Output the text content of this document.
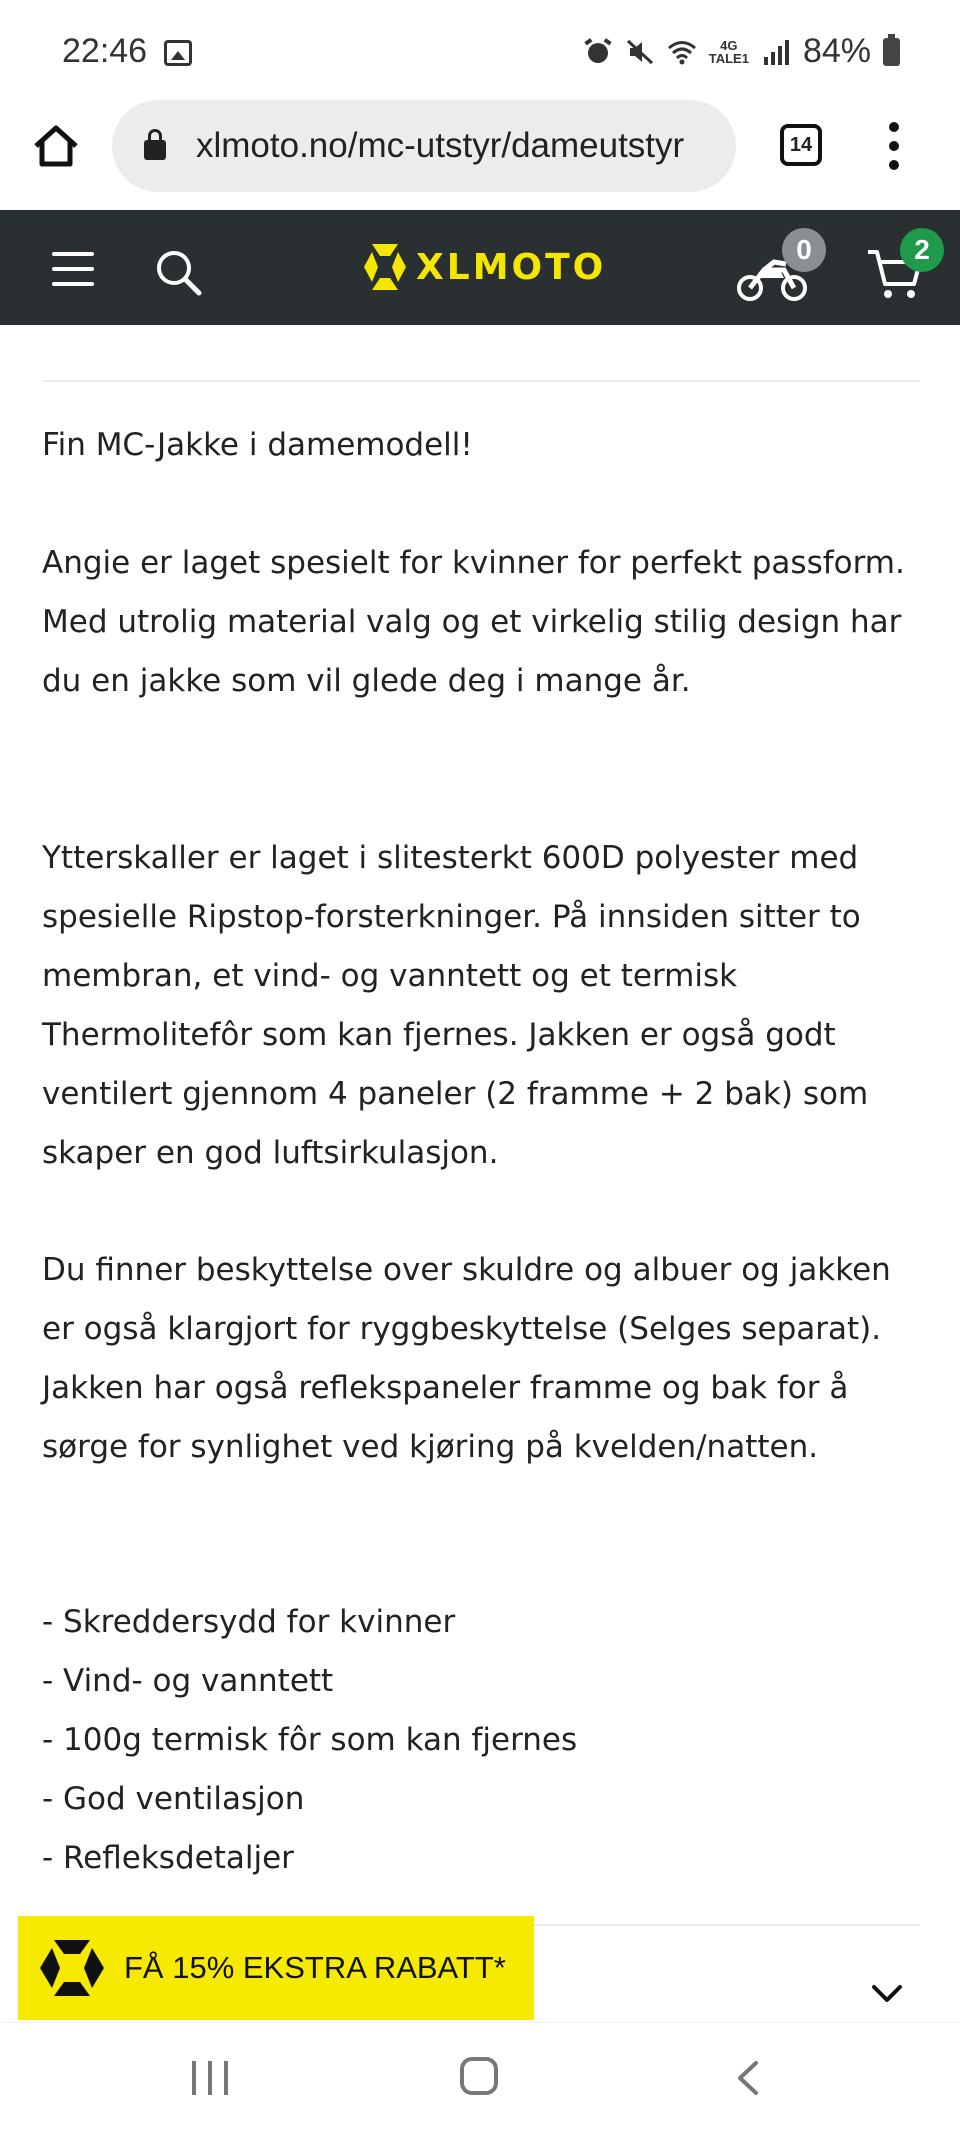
22:46	4G
TALE1 84%
xlmoto.no/mc-utstyr/dameutstyr	14
XLMOTO	0	2

Fin MC-Jakke i damemodell!

Angie er laget spesielt for kvinner for perfekt passform. Med utrolig material valg og et virkelig stilig design har du en jakke som vil glede deg i mange år.

Ytterskaller er laget i slitesterkt 600D polyester med spesielle Ripstop-forsterkninger. På innsiden sitter to membran, et vind- og vanntett og et termisk Thermolitefôr som kan fjernes. Jakken er også godt ventilert gjennom 4 paneler (2 framme + 2 bak) som skaper en god luftsirkulasjon.

Du finner beskyttelse over skuldre og albuer og jakken er også klargjort for ryggbeskyttelse (Selges separat). Jakken har også reflekspaneler framme og bak for å sørge for synlighet ved kjøring på kvelden/natten.

- Skreddersydd for kvinner
- Vind- og vanntett
- 100g termisk fôr som kan fjernes
- God ventilasjon
- Refleksdetaljer
FÅ 15% EKSTRA RABATT*
